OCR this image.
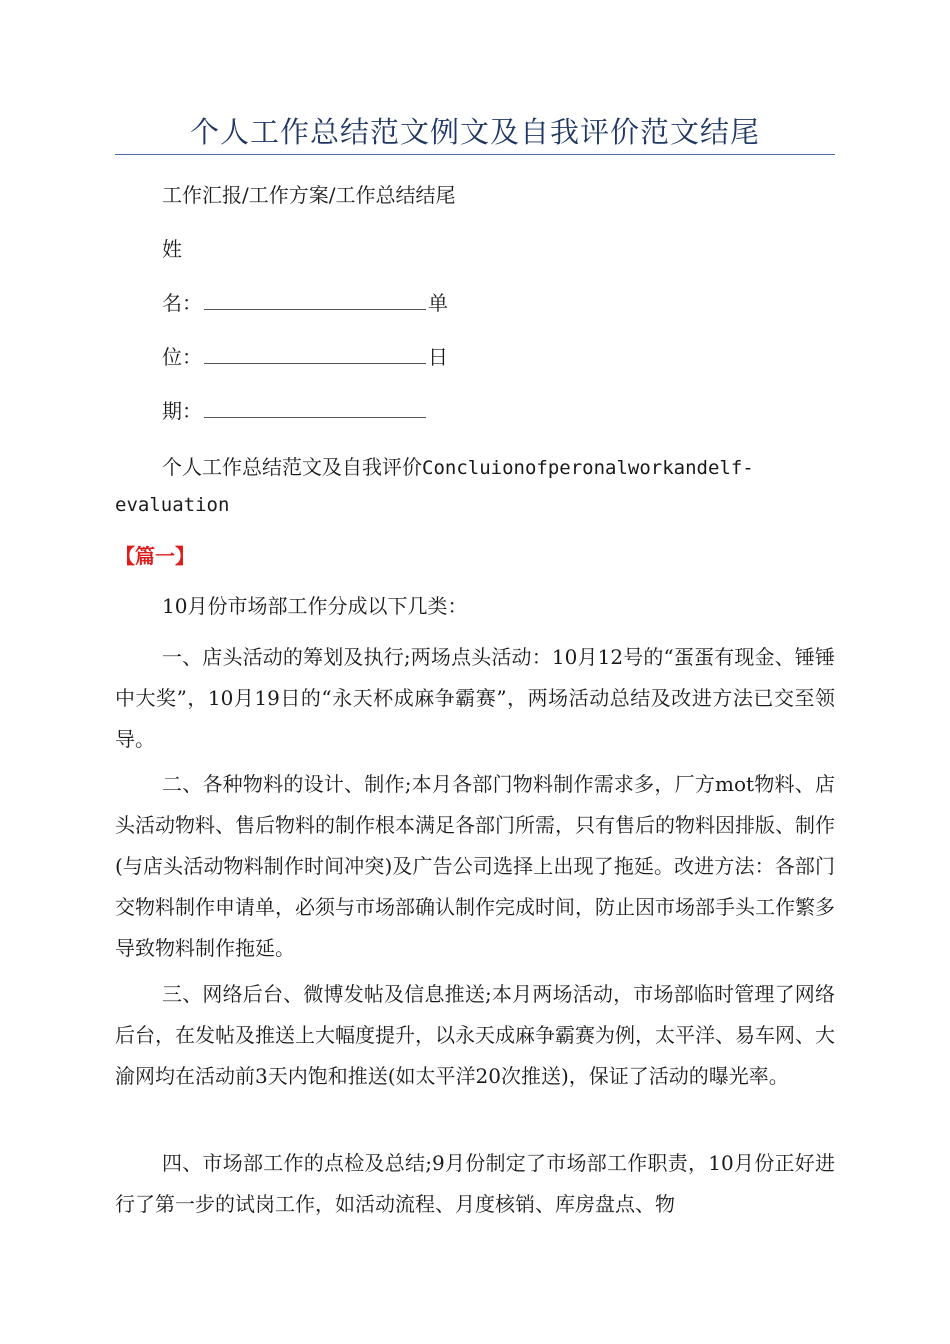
个人工作总结范文例文及自我评价范文结尾
工作汇报/工作方案/工作总结结尾
姓
名：	单
位：	日
期：
个人工作总结范文及自我评价Concluionofperonalworkandelf-
evaluation
【篇一】
10月份市场部工作分成以下几类：
一、店头活动的筹划及执行;两场点头活动：10月12号的“蛋蛋有现金、锤锤中大奖”，10月19日的“永天杯成麻争霸赛”，两场活动总结及改进方法已交至领导。
二、各种物料的设计、制作;本月各部门物料制作需求多，厂方mot物料、店头活动物料、售后物料的制作根本满足各部门所需，只有售后的物料因排版、制作(与店头活动物料制作时间冲突)及广告公司选择上出现了拖延。改进方法：各部门交物料制作申请单，必须与市场部确认制作完成时间，防止因市场部手头工作繁多导致物料制作拖延。
三、网络后台、微博发帖及信息推送;本月两场活动，市场部临时管理了网络后台，在发帖及推送上大幅度提升，以永天成麻争霸赛为例，太平洋、易车网、大渝网均在活动前3天内饱和推送(如太平洋20次推送)，保证了活动的曝光率。
四、市场部工作的点检及总结;9月份制定了市场部工作职责，10月份正好进行了第一步的试岗工作，如活动流程、月度核销、库房盘点、物
